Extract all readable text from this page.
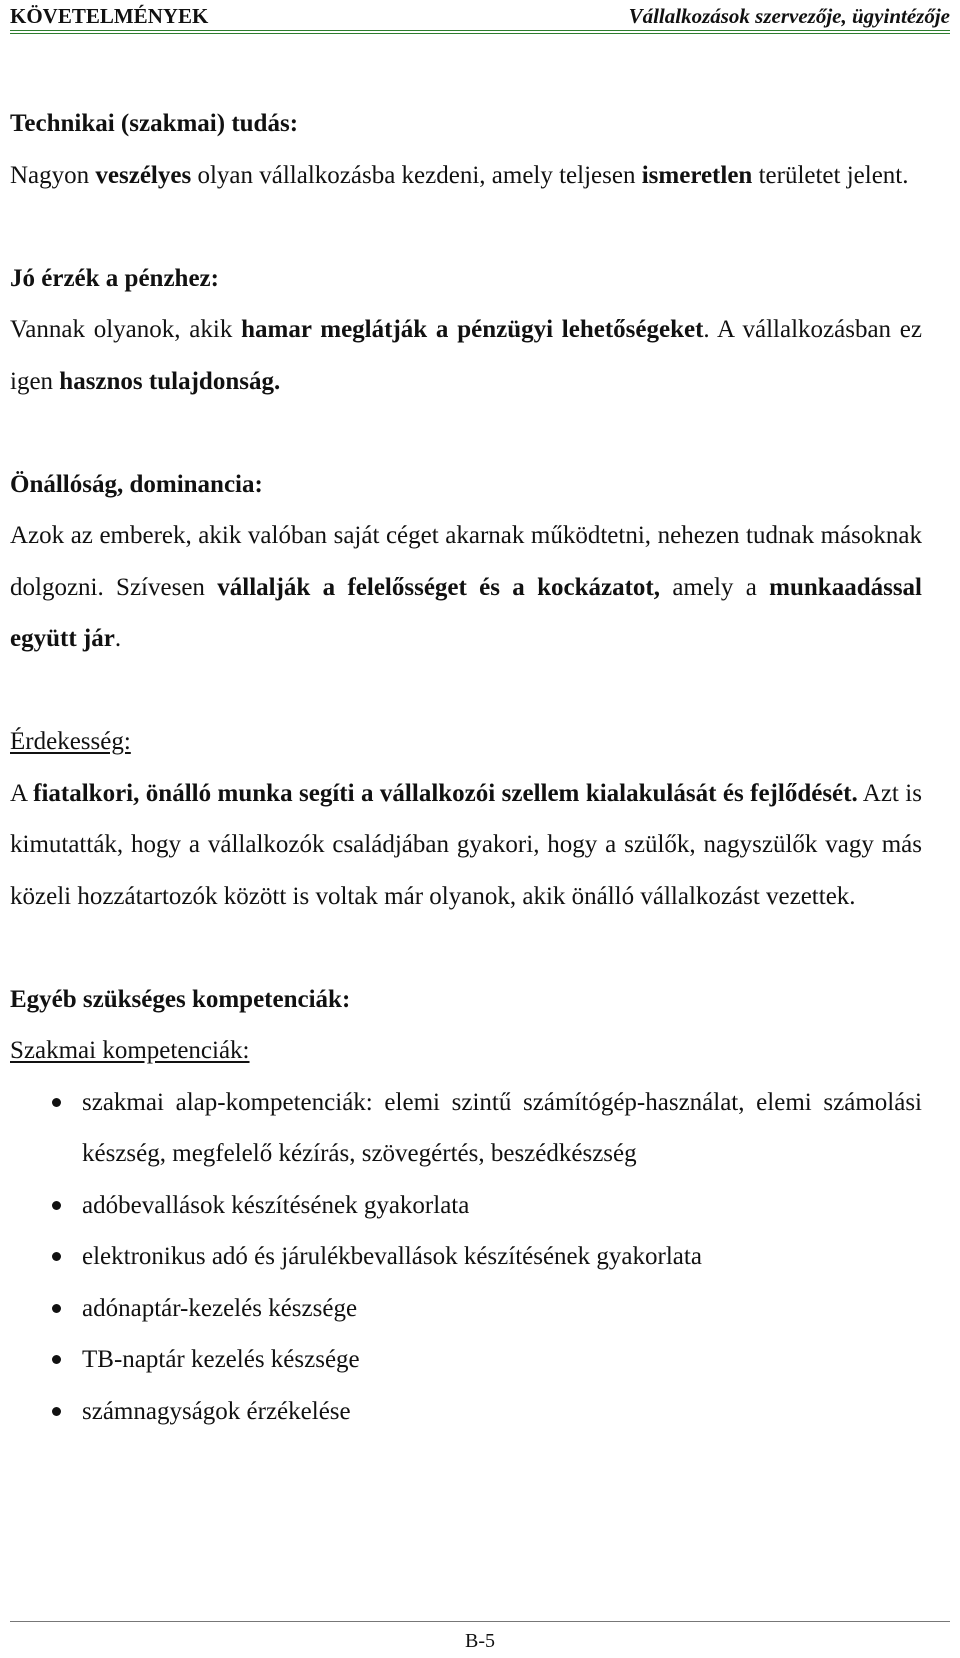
KÖVETELMÉNYEK	Vállalkozások szervezője, ügyintézője

Technikai (szakmai) tudás:

Nagyon veszélyes olyan vállalkozásba kezdeni, amely teljesen ismeretlen területet jelent.

Jó érzék a pénzhez:

Vannak olyanok, akik hamar meglátják a pénzügyi lehetőségeket. A vállalkozásban ez igen hasznos tulajdonság.

Önállóság, dominancia:

Azok az emberek, akik valóban saját céget akarnak működtetni, nehezen tudnak másoknak dolgozni. Szívesen vállalják a felelősséget és a kockázatot, amely a munkaadással együtt jár.

Érdekesség:

A fiatalkori, önálló munka segíti a vállalkozói szellem kialakulását és fejlődését. Azt is kimutatták, hogy a vállalkozók családjában gyakori, hogy a szülők, nagyszülők vagy más közeli hozzátartozók között is voltak már olyanok, akik önálló vállalkozást vezettek.

Egyéb szükséges kompetenciák:

Szakmai kompetenciák:

szakmai alap-kompetenciák: elemi szintű számítógép-használat, elemi számolási készség, megfelelő kézírás, szövegértés, beszédkészség
adóbevallások készítésének gyakorlata
elektronikus adó és járulékbevallások készítésének gyakorlata
adónaptár-kezelés készsége
TB-naptár kezelés készsége
számnagyságok érzékelése
B-5
